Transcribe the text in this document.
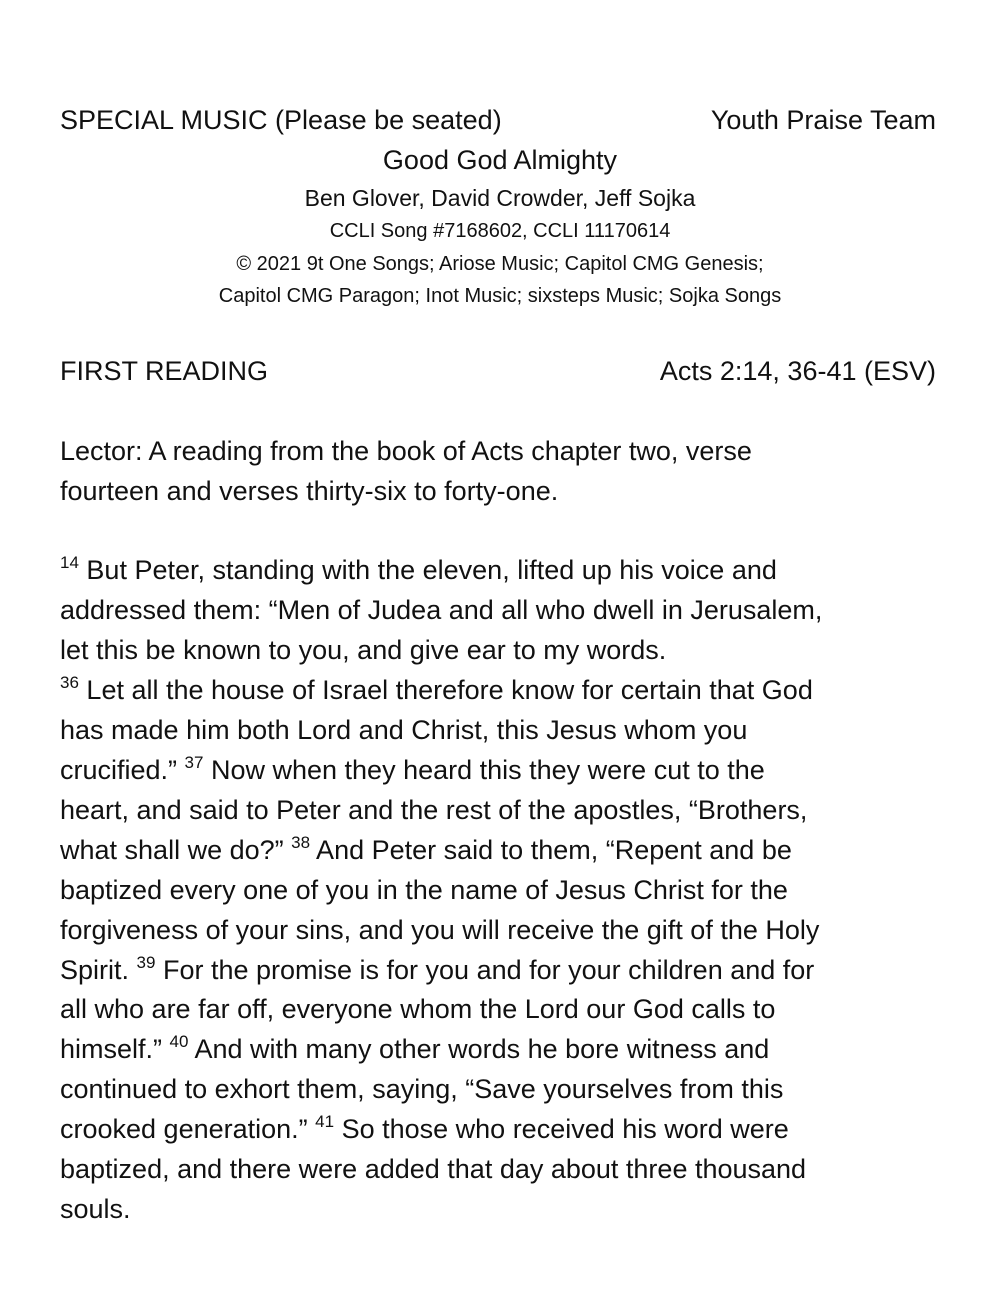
SPECIAL MUSIC (Please be seated)	Youth Praise Team
Good God Almighty
Ben Glover, David Crowder, Jeff Sojka
CCLI Song #7168602, CCLI 11170614
© 2021 9t One Songs; Ariose Music; Capitol CMG Genesis;
Capitol CMG Paragon; Inot Music; sixsteps Music; Sojka Songs
FIRST READING	Acts 2:14, 36-41 (ESV)
Lector: A reading from the book of Acts chapter two, verse
fourteen and verses thirty-six to forty-one.
$^{14}$ But Peter, standing with the eleven, lifted up his voice and
addressed them: “Men of Judea and all who dwell in Jerusalem,
let this be known to you, and give ear to my words.
$^{36}$ Let all the house of Israel therefore know for certain that God
has made him both Lord and Christ, this Jesus whom you
crucified.” $^{37}$ Now when they heard this they were cut to the
heart, and said to Peter and the rest of the apostles, “Brothers,
what shall we do?” $^{38}$ And Peter said to them, “Repent and be
baptized every one of you in the name of Jesus Christ for the
forgiveness of your sins, and you will receive the gift of the Holy
Spirit. $^{39}$ For the promise is for you and for your children and for
all who are far off, everyone whom the Lord our God calls to
himself.” $^{40}$ And with many other words he bore witness and
continued to exhort them, saying, “Save yourselves from this
crooked generation.” $^{41}$ So those who received his word were
baptized, and there were added that day about three thousand
souls.
